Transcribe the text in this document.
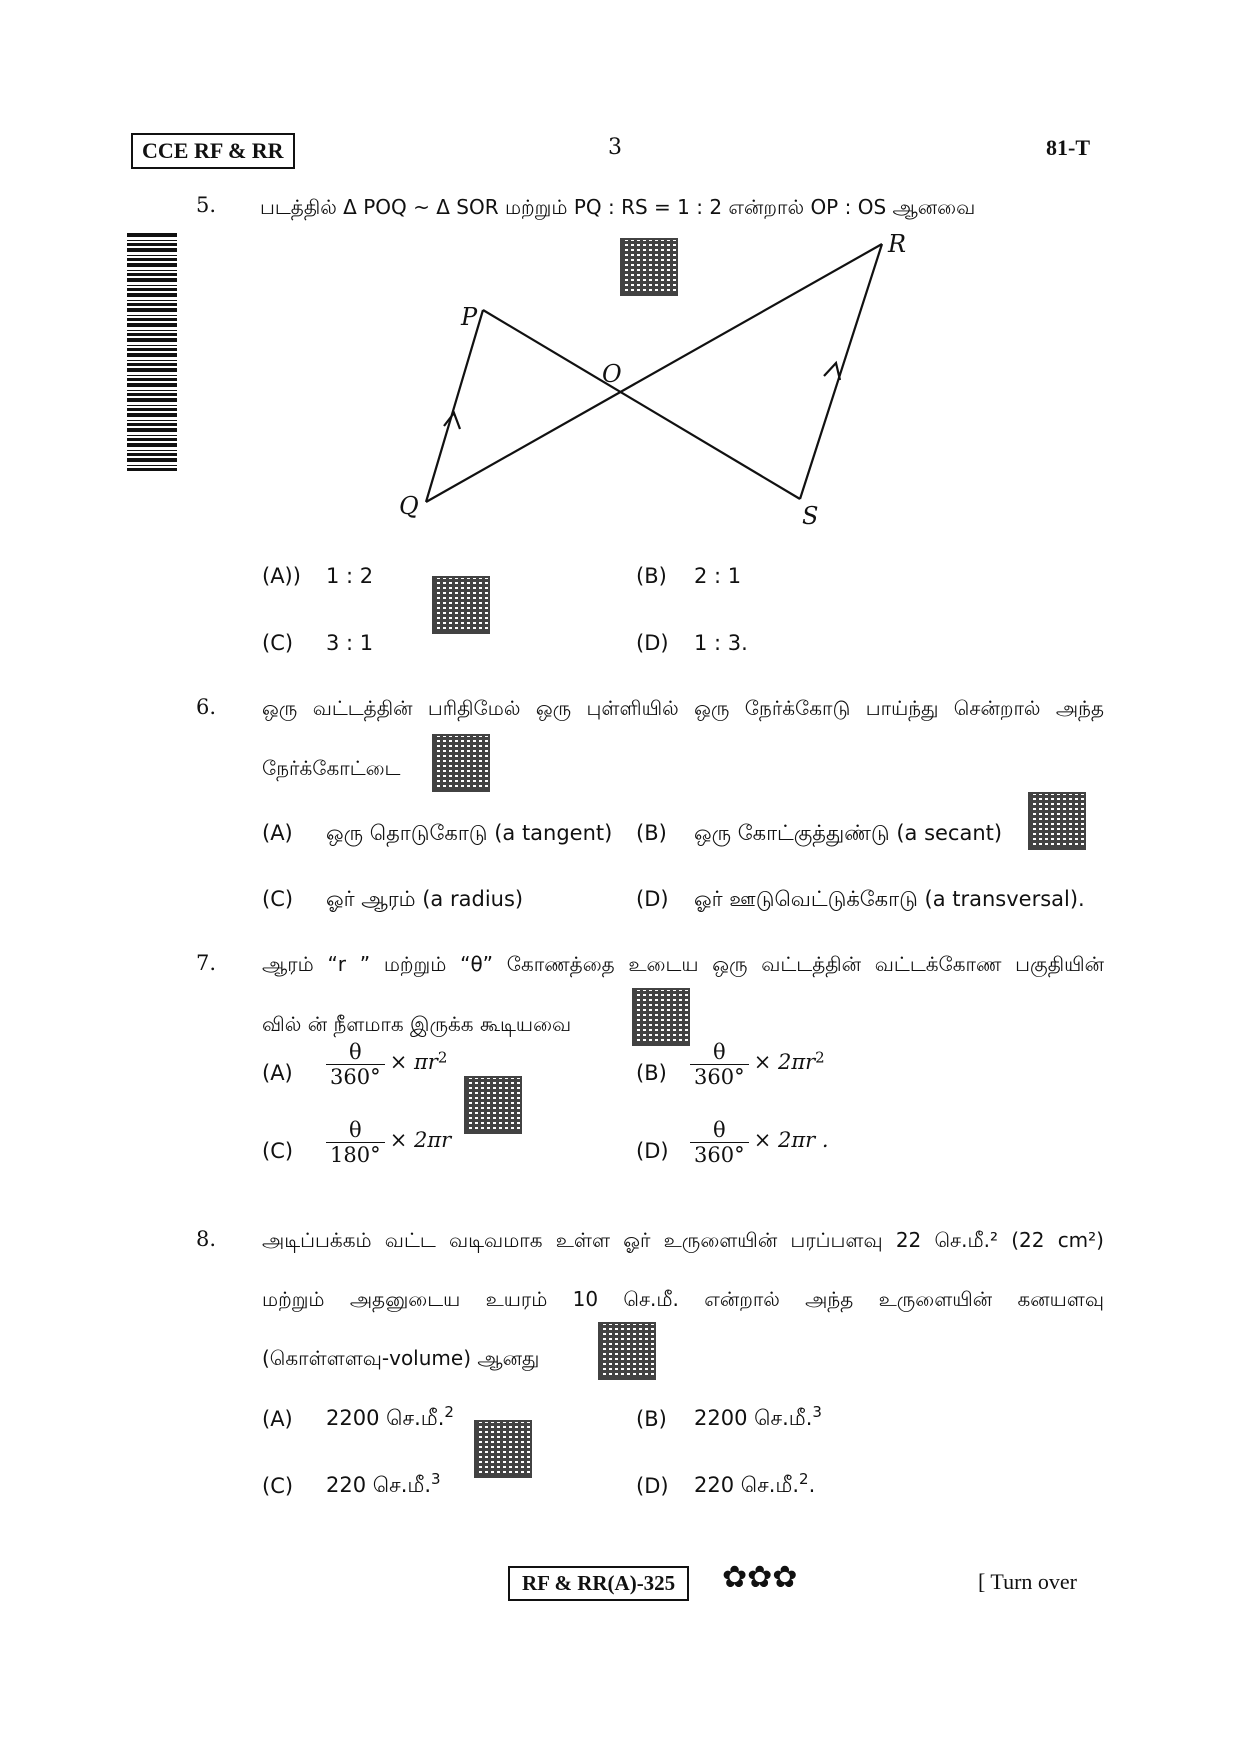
CCE RF & RR	3	81-T
5. படத்தில் Δ POQ ~ Δ SOR மற்றும் PQ : RS = 1 : 2 என்றால் OP : OS ஆனவை
P
Q
O
R
S
(A)) 1 : 2	(B) 2 : 1
(C) 3 : 1	(D) 1 : 3.
6. ஒரு வட்டத்தின் பரிதிமேல் ஒரு புள்ளியில் ஒரு நேர்க்கோடு பாய்ந்து சென்றால் அந்த
நேர்க்கோட்டை
(A) ஒரு தொடுகோடு (a tangent) (B) ஒரு கோட்குத்துண்டு (a secant)
(C) ஓர் ஆரம் (a radius)	(D) ஓர் ஊடுவெட்டுக்கோடு (a transversal).
7. ஆரம் “r ” மற்றும் “θ” கோணத்தை உடைய ஒரு வட்டத்தின் வட்டக்கோண பகுதியின்
வில் ன் நீளமாக இருக்க கூடியவை
$(A) \frac{\theta}{360^\circ} \times \pi r^2$
$(B) \frac{\theta}{360^\circ} \times 2\pi r^2$
$(C) \frac{\theta}{180^\circ} \times 2\pi r$	$(D) \frac{\theta}{360^\circ} \times 2\pi r$ .
8. அடிப்பக்கம் வட்ட வடிவமாக உள்ள ஓர் உருளையின் பரப்பளவு 22 செ.மீ.² (22 cm²)
மற்றும் அதனுடைய உயரம் 10 செ.மீ. என்றால் அந்த உருளையின் கனயளவு
(கொள்ளளவு-volume) ஆனது
(A) 2200 செ.மீ.$^2$	(B) 2200 செ.மீ.$^3$
(C) 220 செ.மீ.$^3$	(D) 220 செ.மீ.$^2$.
RF & RR(A)-325	✿✿✿	[ Turn over
